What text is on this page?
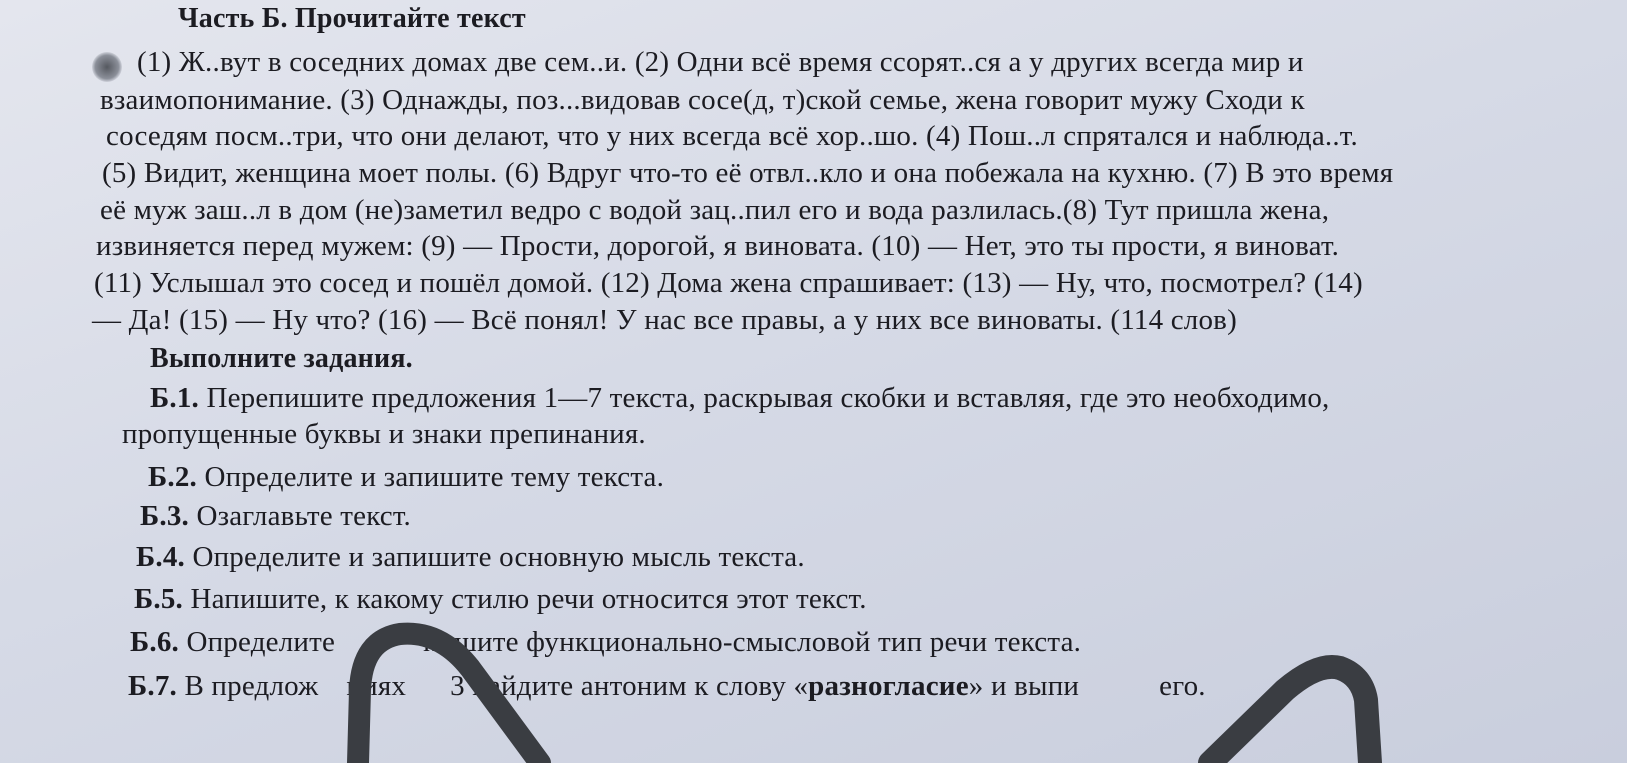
Часть Б. Прочитайте текст
(1) Ж..вут в соседних домах две сем..и. (2) Одни всё время ссорят..ся а у других всегда мир и
взаимопонимание. (3) Однажды, поз...видовав сосе(д, т)ской семье, жена говорит мужу Сходи к
соседям посм..три, что они делают, что у них всегда всё хор..шо. (4) Пош..л спрятался и наблюда..т.
(5) Видит, женщина моет полы. (6) Вдруг что-то её отвл..кло и она побежала на кухню. (7) В это время
её муж заш..л в дом (не)заметил ведро с водой зац..пил его и вода разлилась.(8) Тут пришла жена,
извиняется перед мужем: (9) — Прости, дорогой, я виновата. (10) — Нет, это ты прости, я виноват.
(11) Услышал это сосед и пошёл домой. (12) Дома жена спрашивает: (13) — Ну, что, посмотрел? (14)
— Да! (15) — Ну что? (16) — Всё понял! У нас все правы, а у них все виноваты. (114 слов)
Выполните задания.
Б.1. Перепишите предложения 1—7 текста, раскрывая скобки и вставляя, где это необходимо,
пропущенные буквы и знаки препинания.
Б.2. Определите и запишите тему текста.
Б.3. Озаглавьте текст.
Б.4. Определите и запишите основную мысль текста.
Б.5. Напишите, к какому стилю речи относится этот текст.
Б.6. Определите	пишите функционально-смысловой тип речи текста.
Б.7. В предлож ниях 3 найдите антоним к слову «разногласие» и выпи	его.
